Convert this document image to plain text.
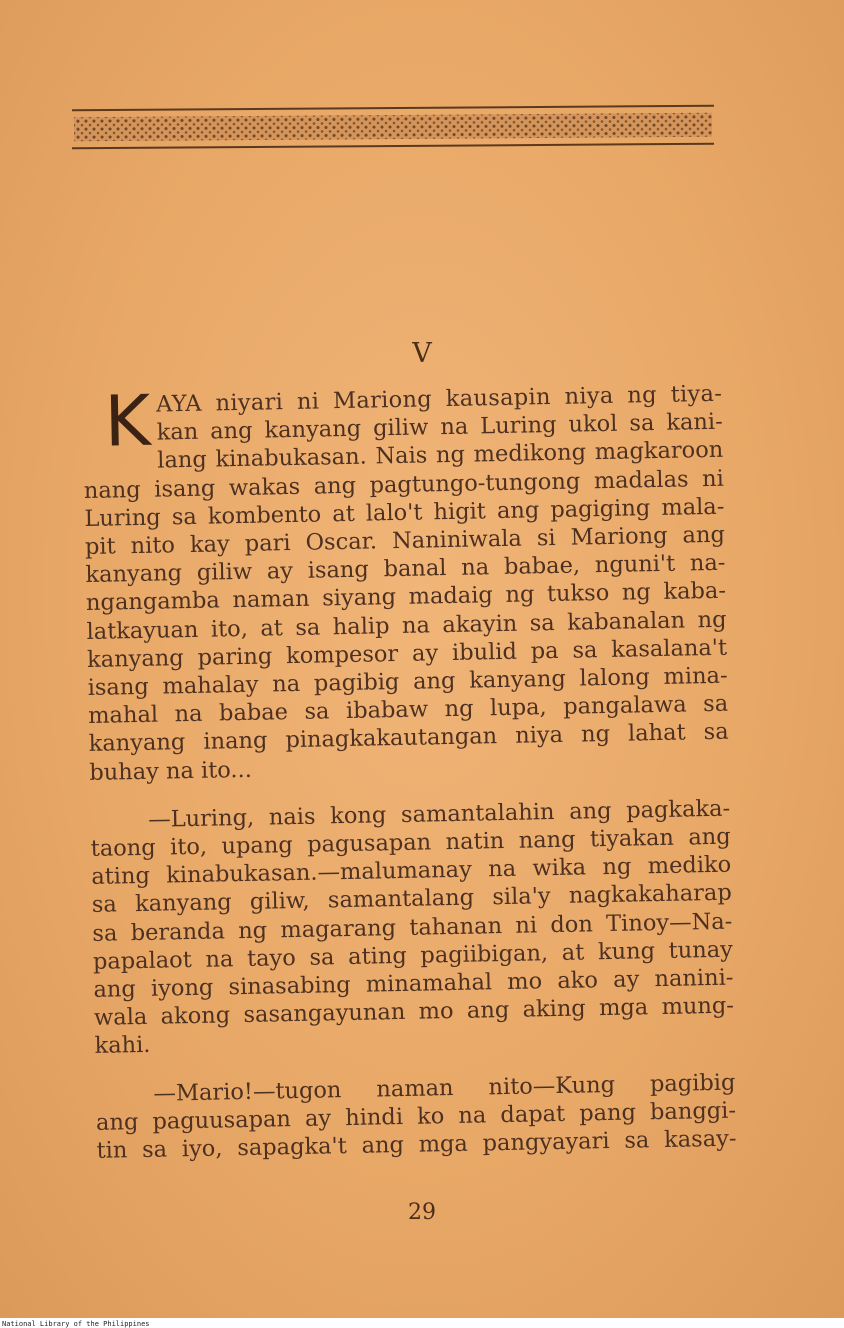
V
K AYA niyari ni Mariong kausapin niya ng tiya-

kan ang kanyang giliw na Luring ukol sa kani-

lang kinabukasan. Nais ng medikong magkaroon

nang isang wakas ang pagtungo-tungong madalas ni

Luring sa kombento at lalo't higit ang pagiging mala-

pit nito kay pari Oscar. Naniniwala si Mariong ang

kanyang giliw ay isang banal na babae, nguni't na-

ngangamba naman siyang madaig ng tukso ng kaba-

latkayuan ito, at sa halip na akayin sa kabanalan ng

kanyang paring kompesor ay ibulid pa sa kasalana't

isang mahalay na pagibig ang kanyang lalong mina-

mahal na babae sa ibabaw ng lupa, pangalawa sa

kanyang inang pinagkakautangan niya ng lahat sa

buhay na ito...

—Luring, nais kong samantalahin ang pagkaka-

taong ito, upang pagusapan natin nang tiyakan ang

ating kinabukasan.—malumanay na wika ng mediko

sa kanyang giliw, samantalang sila'y nagkakaharap

sa beranda ng magarang tahanan ni don Tinoy—Na-

papalaot na tayo sa ating pagiibigan, at kung tunay

ang iyong sinasabing minamahal mo ako ay nanini-

wala akong sasangayunan mo ang aking mga mung-

kahi.

—Mario!—tugon naman nito—Kung pagibig

ang paguusapan ay hindi ko na dapat pang banggi-

tin sa iyo, sapagka't ang mga pangyayari sa kasay-

29
National Library of the Philippines
